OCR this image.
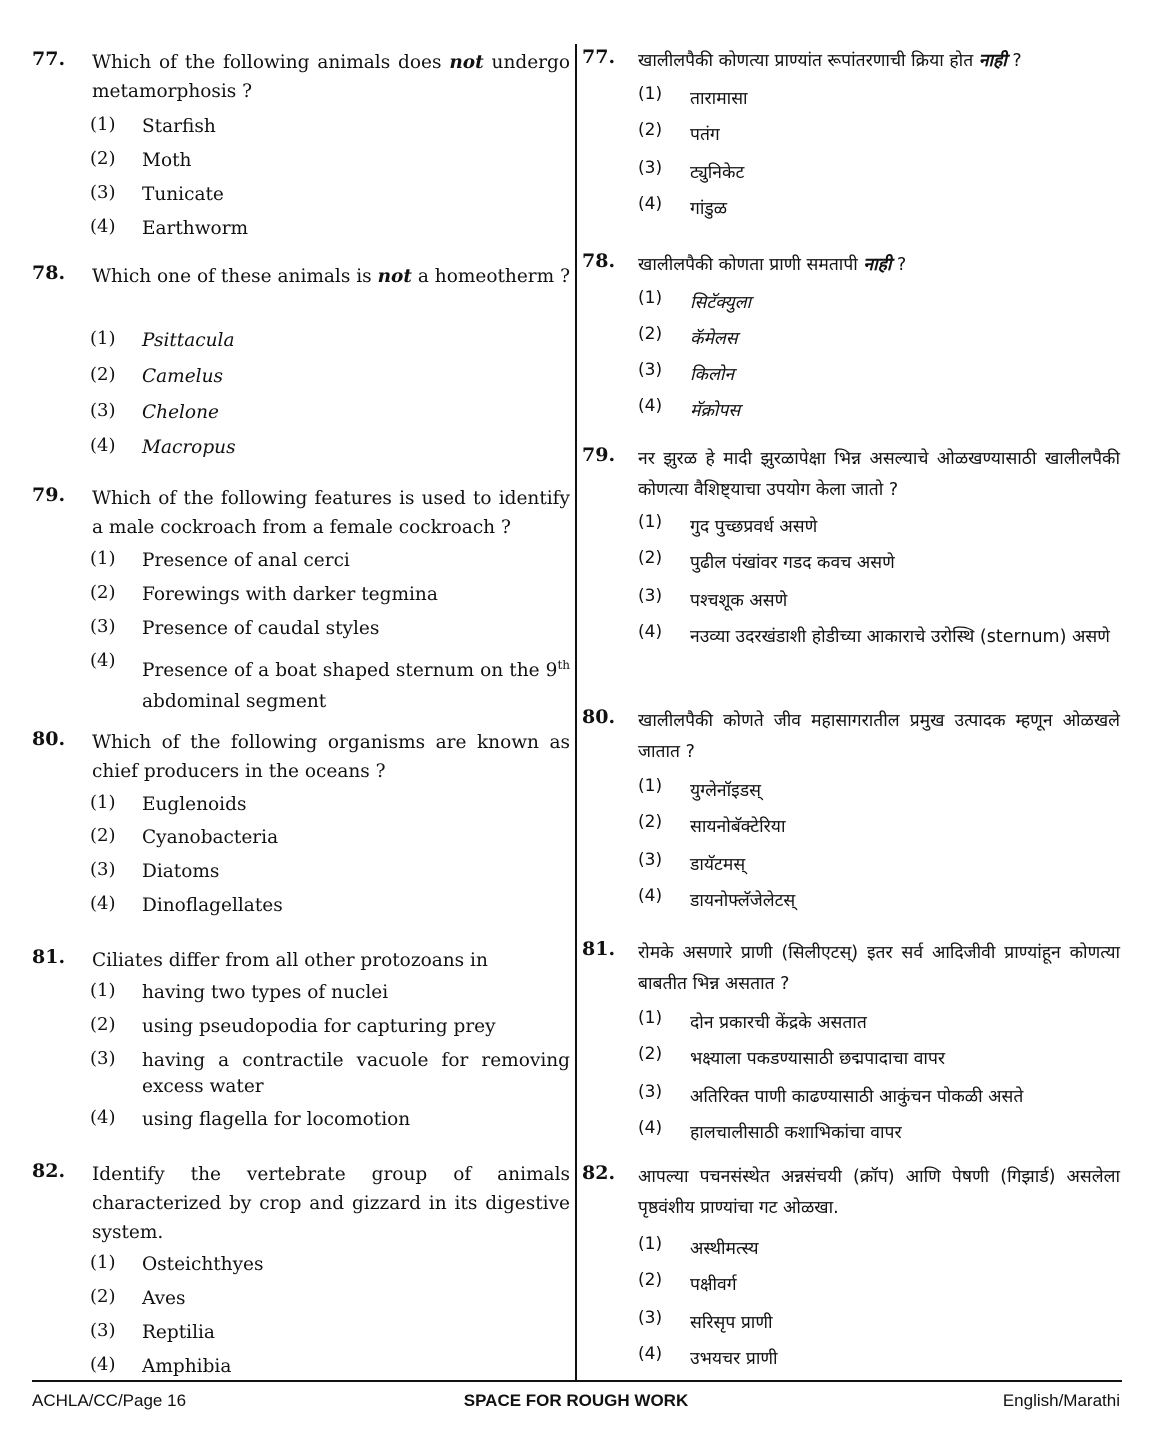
77. Which of the following animals does not undergo metamorphosis ?
(1) Starfish
(2) Moth
(3) Tunicate
(4) Earthworm
78. Which one of these animals is not a homeotherm ?
(1) Psittacula
(2) Camelus
(3) Chelone
(4) Macropus
79. Which of the following features is used to identify a male cockroach from a female cockroach ?
(1) Presence of anal cerci
(2) Forewings with darker tegmina
(3) Presence of caudal styles
(4) Presence of a boat shaped sternum on the 9th abdominal segment
80. Which of the following organisms are known as chief producers in the oceans ?
(1) Euglenoids
(2) Cyanobacteria
(3) Diatoms
(4) Dinoflagellates
81. Ciliates differ from all other protozoans in
(1) having two types of nuclei
(2) using pseudopodia for capturing prey
(3) having a contractile vacuole for removing excess water
(4) using flagella for locomotion
82. Identify the vertebrate group of animals characterized by crop and gizzard in its digestive system.
(1) Osteichthyes
(2) Aves
(3) Reptilia
(4) Amphibia
77. खालीलपैकी कोणत्या प्राण्यांत रूपांतरणाची क्रिया होत नाही ?
(1) तारामासा
(2) पतंग
(3) ट्युनिकेट
(4) गांडुळ
78. खालीलपैकी कोणता प्राणी समतापी नाही ?
(1) सिटॅक्युला
(2) कॅमेलस
(3) किलोन
(4) मॅक्रोपस
79. नर झुरळ हे मादी झुरळापेक्षा भिन्न असल्याचे ओळखण्यासाठी खालीलपैकी कोणत्या वैशिष्ट्याचा उपयोग केला जातो ?
(1) गुद पुच्छप्रवर्ध असणे
(2) पुढील पंखांवर गडद कवच असणे
(3) पश्चशूक असणे
(4) नउव्या उदरखंडाशी होडीच्या आकाराचे उरोस्थि (sternum) असणे
80. खालीलपैकी कोणते जीव महासागरातील प्रमुख उत्पादक म्हणून ओळखले जातात ?
(1) युग्लेनॉइडस्
(2) सायनोबॅक्टेरिया
(3) डायॅटमस्
(4) डायनोफ्लॅजेलेटस्
81. रोमके असणारे प्राणी (सिलीएटस्) इतर सर्व आदिजीवी प्राण्यांहून कोणत्या बाबतीत भिन्न असतात ?
(1) दोन प्रकारची केंद्रके असतात
(2) भक्ष्याला पकडण्यासाठी छद्मपादाचा वापर
(3) अतिरिक्त पाणी काढण्यासाठी आकुंचन पोकळी असते
(4) हालचालीसाठी कशाभिकांचा वापर
82. आपल्या पचनसंस्थेत अन्नसंचयी (क्रॉप) आणि पेषणी (गिझार्ड) असलेला पृष्ठवंशीय प्राण्यांचा गट ओळखा.
(1) अस्थीमत्स्य
(2) पक्षीवर्ग
(3) सरिसृप प्राणी
(4) उभयचर प्राणी
ACHLA/CC/Page 16	SPACE FOR ROUGH WORK	English/Marathi
